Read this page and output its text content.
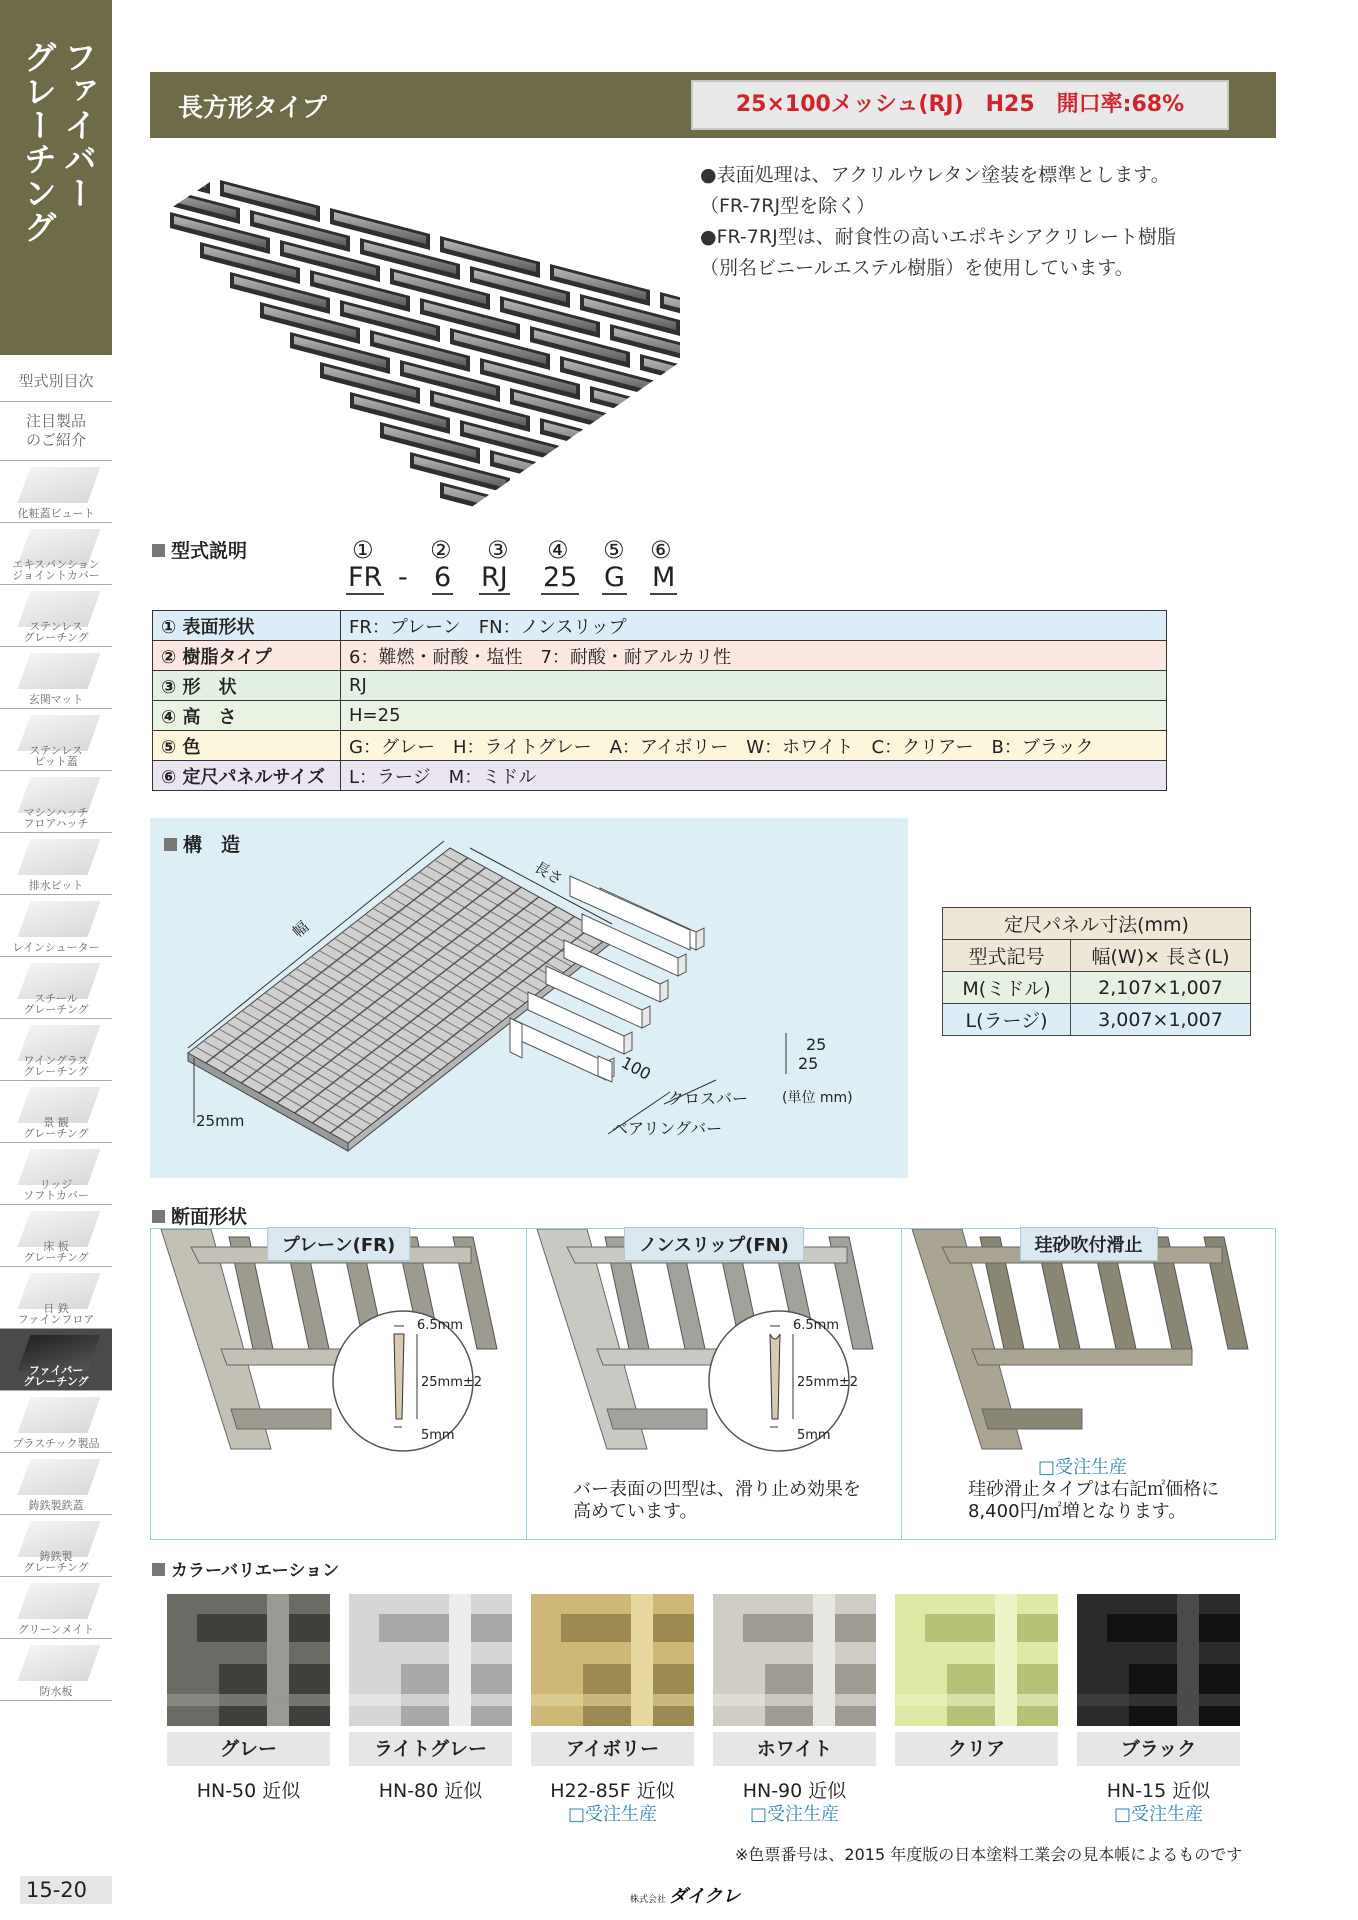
ファイバー
グレーチング
型式別目次
注目製品のご紹介
化粧蓋ビュート
エキスパンション
ジョイントカバー
ステンレス
グレーチング
玄関マット
ステンレス
ピット蓋
マシンハッチ
フロアハッチ
排水ピット
レインシューター
スチール
グレーチング
ワイングラス
グレーチング
景 観
グレーチング
リッジ
ソフトカバー
床 板
グレーチング
日 鉄
ファインフロア
ファイバー
グレーチング
プラスチック製品
鋳鉄製鉄蓋
鋳鉄製
グレーチング
グリーンメイト
防水板
15-20
長方形タイプ	25×100メッシュ(RJ)　H25　開口率:68%
●表面処理は、アクリルウレタン塗装を標準とします。
（FR-7RJ型を除く）
●FR-7RJ型は、耐食性の高いエポキシアクリレート樹脂
（別名ビニールエステル樹脂）を使用しています。
型式説明	① ② ③ ④ ⑤ ⑥
FR - 6 RJ 25 G M
① 表面形状	FR：プレーン　FN：ノンスリップ
② 樹脂タイプ	6：難燃・耐酸・塩性　7：耐酸・耐アルカリ性
③ 形　状	RJ
④ 高　さ	H=25
⑤ 色	G：グレー　H：ライトグレー　A：アイボリー　W：ホワイト　C：クリアー　B：ブラック
⑥ 定尺パネルサイズ	L：ラージ　M：ミドル
構　造
幅
長さ
25mm
25
25
100
クロスバー
ベアリングバー
(単位 mm)
定尺パネル寸法(mm)	
型式記号	幅(W)× 長さ(L)
M(ミドル)	2,107×1,007
L(ラージ)	3,007×1,007
断面形状
6.5mm
25mm±2
5mm
プレーン(FR)
6.5mm
25mm±2
5mm
ノンスリップ(FN)
バー表面の凹型は、滑り止め効果を
高めています。
珪砂吹付滑止
□受注生産
珪砂滑止タイプは右記㎡価格に
8,400円/㎡増となります。
カラーバリエーション
グレー
HN-50 近似
ライトグレー
HN-80 近似
アイボリー
H22-85F 近似
□受注生産
ホワイト
HN-90 近似
□受注生産
クリア	ブラック
HN-15 近似
□受注生産
※色票番号は、2015 年度版の日本塗料工業会の見本帳によるものです
株式会社 ダイクレ
